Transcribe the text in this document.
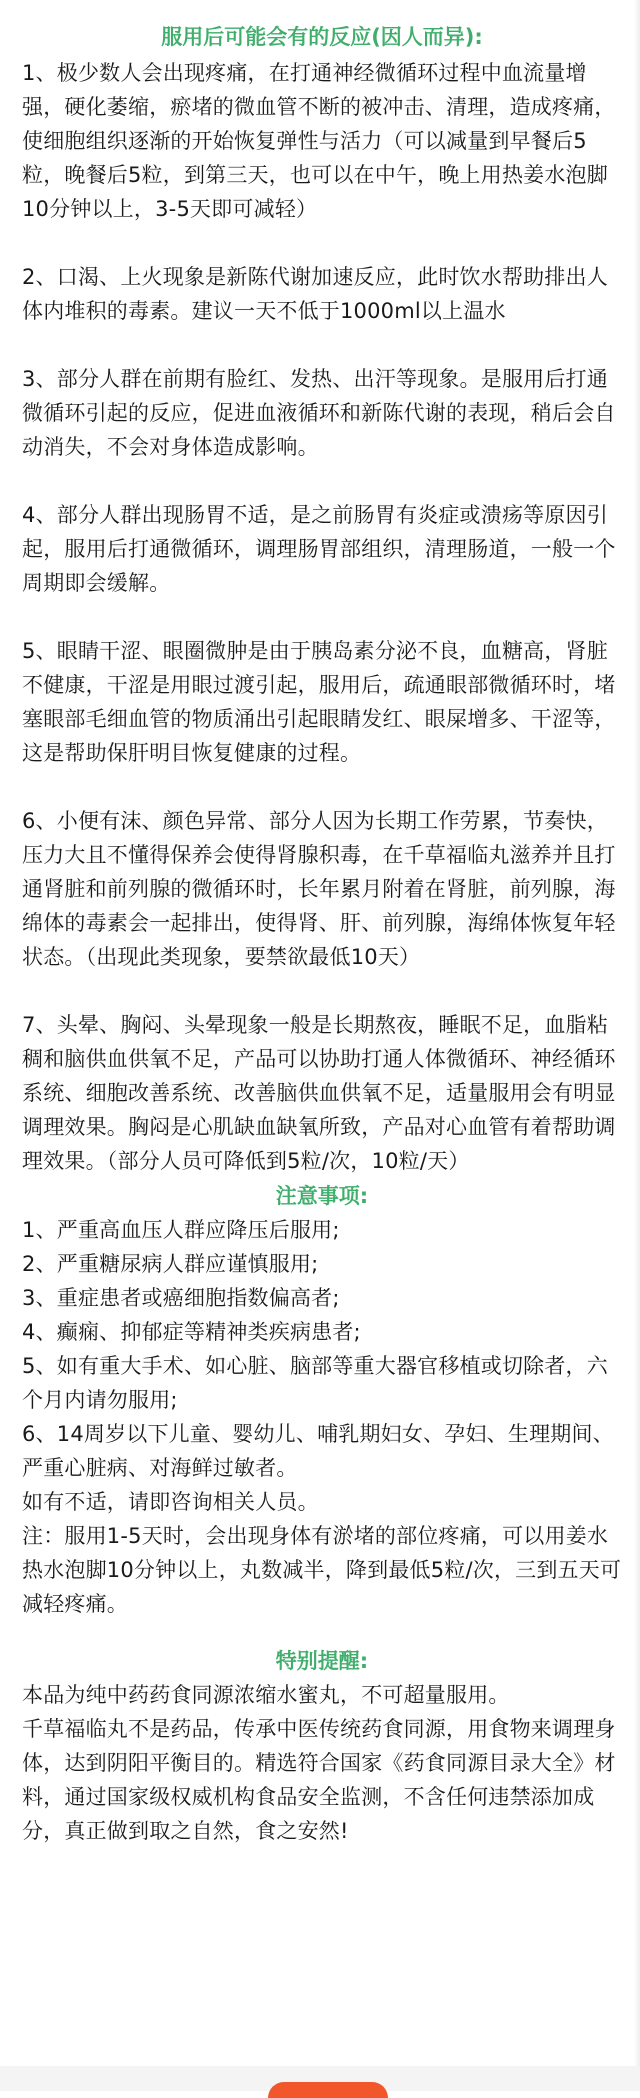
服用后可能会有的反应(因人而异):

1、极少数人会出现疼痛，在打通神经微循环过程中血流量增强，硬化萎缩，瘀堵的微血管不断的被冲击、清理，造成疼痛，使细胞组织逐渐的开始恢复弹性与活力（可以减量到早餐后5粒，晚餐后5粒，到第三天，也可以在中午，晚上用热姜水泡脚10分钟以上，3-5天即可减轻）

2、口渴、上火现象是新陈代谢加速反应，此时饮水帮助排出人体内堆积的毒素。建议一天不低于1000ml以上温水

3、部分人群在前期有脸红、发热、出汗等现象。是服用后打通微循环引起的反应，促进血液循环和新陈代谢的表现，稍后会自动消失，不会对身体造成影响。

4、部分人群出现肠胃不适，是之前肠胃有炎症或溃疡等原因引起，服用后打通微循环，调理肠胃部组织，清理肠道，一般一个周期即会缓解。

5、眼睛干涩、眼圈微肿是由于胰岛素分泌不良，血糖高，肾脏

不健康，干涩是用眼过渡引起，服用后，疏通眼部微循环时，堵塞眼部毛细血管的物质涌出引起眼睛发红、眼屎增多、干涩等，这是帮助保肝明目恢复健康的过程。

6、小便有沫、颜色异常、部分人因为长期工作劳累，节奏快，压力大且不懂得保养会使得肾腺积毒，在千草福临丸滋养并且打通肾脏和前列腺的微循环时，长年累月附着在肾脏，前列腺，海绵体的毒素会一起排出，使得肾、肝、前列腺，海绵体恢复年轻状态。（出现此类现象，要禁欲最低10天）

7、头晕、胸闷、头晕现象一般是长期熬夜，睡眠不足，血脂粘稠和脑供血供氧不足，产品可以协助打通人体微循环、神经循环系统、细胞改善系统、改善脑供血供氧不足，适量服用会有明显调理效果。胸闷是心肌缺血缺氧所致，产品对心血管有着帮助调理效果。（部分人员可降低到5粒/次，10粒/天）

注意事项:

1、严重高血压人群应降压后服用;

2、严重糖尿病人群应谨慎服用;

3、重症患者或癌细胞指数偏高者;

4、癫痫、抑郁症等精神类疾病患者;

5、如有重大手术、如心脏、脑部等重大器官移植或切除者，六个月内请勿服用;

6、14周岁以下儿童、婴幼儿、哺乳期妇女、孕妇、生理期间、严重心脏病、对海鲜过敏者。

如有不适，请即咨询相关人员。

注：服用1-5天时，会出现身体有淤堵的部位疼痛，可以用姜水热水泡脚10分钟以上，丸数减半，降到最低5粒/次，三到五天可减轻疼痛。

特别提醒:

本品为纯中药药食同源浓缩水蜜丸，不可超量服用。

千草福临丸不是药品，传承中医传统药食同源，用食物来调理身体，达到阴阳平衡目的。精选符合国家《药食同源目录大全》材料，通过国家级权威机构食品安全监测，不含任何违禁添加成分，真正做到取之自然，食之安然!
